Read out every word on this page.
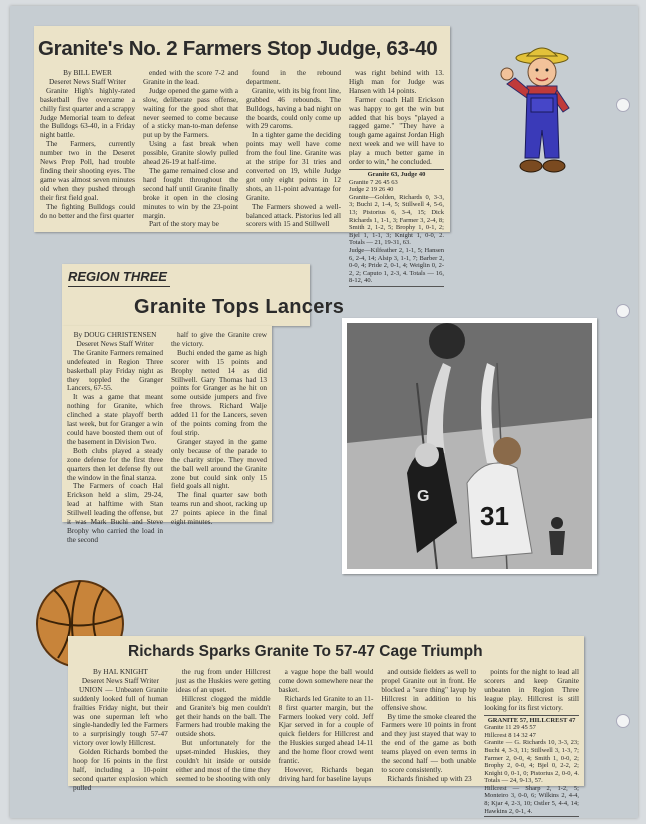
Granite's No. 2 Farmers Stop Judge, 63-40

By BILL EWER

Deseret News Staff Writer

Granite High's highly-rated basketball five overcame a chilly first quarter and a scrappy Judge Memorial team to defeat the Bulldogs 63-40, in a Friday night battle.

The Farmers, currently number two in the Deseret News Prep Poll, had trouble finding their shooting eyes. The game was almost seven minutes old when they pushed through their first field goal.

The fighting Bulldogs could do no better and the first quarter

ended with the score 7-2 and Granite in the lead.

Judge opened the game with a slow, deliberate pass offense, waiting for the good shot that never seemed to come because of a sticky man-to-man defense put up by the Farmers.

Using a fast break when possible, Granite slowly pulled ahead 26-19 at half-time.

The game remained close and hard fought throughout the second half until Granite finally broke it open in the closing minutes to win by the 23-point margin.

Part of the story may be

found in the rebound department.

Granite, with its big front line, grabbed 46 rebounds. The Bulldogs, having a bad night on the boards, could only come up with 29 caroms.

In a tighter game the deciding points may well have come from the foul line. Granite was at the stripe for 31 tries and converted on 19, while Judge got only eight points in 12 shots, an 11-point advantage for Granite.

The Farmers showed a well-balanced attack. Pistorius led all scorers with 15 and Stillwell

was right behind with 13. High man for Judge was Hansen with 14 points.

Farmer coach Hall Erickson was happy to get the win but added that his boys "played a ragged game." "They have a tough game against Jordan High next week and we will have to play a much better game in order to win," he concluded.

Granite 63, Judge 40
Granite 7 26 45 63
Judge 2 19 26 40
Granite—Golden, Richards 0, 3-3, 3; Buchi 2, 1-4, 5; Stillwell 4, 5-6, 13; Pistorius 6, 3-4, 15; Dick Richards 1, 1-1, 3; Farmer 3, 2-4, 8; Smith 2, 1-2, 5; Brophy 1, 0-1, 2; Bjel 1, 1-1, 3; Knight 1, 0-0, 2. Totals — 21, 19-31, 63.
Judge—Kilfeather 2, 1-1, 5; Hansen 6, 2-4, 14; Alsip 3, 1-1, 7; Barber 2, 0-0, 4; Pride 2, 0-1, 4; Weiglin 0, 2-2, 2; Caputo 1, 2-3, 4. Totals — 16, 8-12, 40.
REGION THREE
Granite Tops Lancers

By DOUG CHRISTENSEN

Deseret News Staff Writer

The Granite Farmers remained undefeated in Region Three basketball play Friday night as they toppled the Granger Lancers, 67-55.

It was a game that meant nothing for Granite, which clinched a state playoff berth last week, but for Granger a win could have boosted them out of the basement in Division Two.

Both clubs played a steady zone defense for the first three quarters then let defense fly out the window in the final stanza.

The Farmers of coach Hal Erickson held a slim, 29-24, lead at halftime with Stan Stillwell leading the offense, but it was Mark Buchi and Steve Brophy who carried the load in the second

half to give the Granite crew the victory.

Buchi ended the game as high scorer with 15 points and Brophy netted 14 as did Stillwell. Gary Thomas had 13 points for Granger as he hit on some outside jumpers and five free throws. Richard Walje added 11 for the Lancers, seven of the points coming from the foul strip.

Granger stayed in the game only because of the parade to the charity stripe. They moved the ball well around the Granite zone but could sink only 15 field goals all night.

The final quarter saw both teams run and shoot, racking up 27 points apiece in the final eight minutes.

G
31
Richards Sparks Granite To 57-47 Cage Triumph

By HAL KNIGHT

Deseret News Staff Writer

UNION — Unbeaten Granite suddenly looked full of human frailties Friday night, but their was one superman left who single-handedly led the Farmers to a surprisingly tough 57-47 victory over lowly Hillcrest.

Golden Richards bombed the hoop for 16 points in the first half, including a 10-point second quarter explosion which pulled

the rug from under Hillcrest just as the Huskies were getting ideas of an upset.

Hillcrest clogged the middle and Granite's big men couldn't get their hands on the ball. The Farmers had trouble making the outside shots.

But unfortunately for the upset-minded Huskies, they couldn't hit inside or outside either and most of the time they seemed to be shooting with only

a vague hope the ball would come down somewhere near the basket.

Richards led Granite to an 11-8 first quarter margin, but the Farmers looked very cold. Jeff Kjar served in for a couple of quick fielders for Hillcrest and the Huskies surged ahead 14-11 and the home floor crowd went frantic.

However, Richards began driving hard for baseline layups

and outside fielders as well to propel Granite out in front. He blocked a "sure thing" layup by Hillcrest in addition to his offensive show.

By time the smoke cleared the Farmers were 10 points in front and they just stayed that way to the end of the game as both teams played on even terms in the second half — both unable to score consistently.

Richards finished up with 23

points for the night to lead all scorers and keep Granite unbeaten in Region Three league play. Hillcrest is still looking for its first victory.

GRANITE 57, HILLCREST 47
Granite 11 29 45 57
Hillcrest 8 14 32 47
Granite — G. Richards 10, 3-3, 23; Buchi 4, 3-3, 11; Stillwell 3, 1-3, 7; Farmer 2, 0-0, 4; Smith 1, 0-0, 2; Brophy 2, 0-0, 4; Bjel 0, 2-2, 2; Knight 0, 0-1, 0; Pistorius 2, 0-0, 4. Totals — 24, 9-13, 57.
Hillcrest — Sharp 2, 1-2, 5; Monteiro 3, 0-0, 6; Wilkins 2, 4-4, 8; Kjar 4, 2-3, 10; Ostler 5, 4-4, 14; Hawkins 2, 0-1, 4.
